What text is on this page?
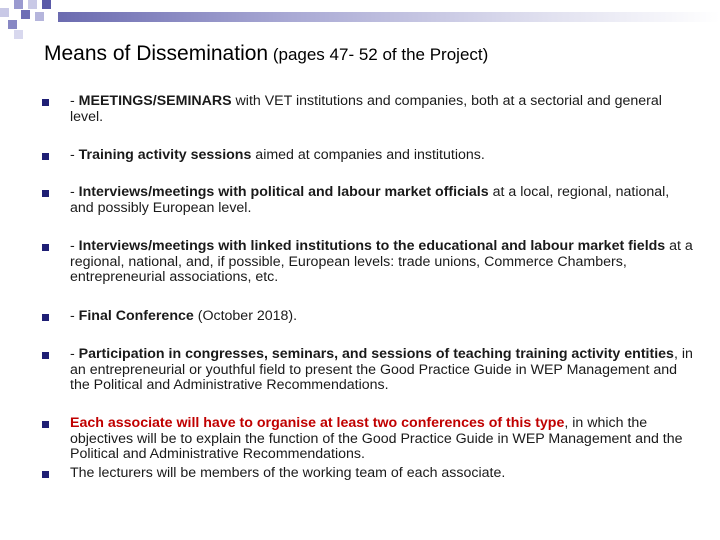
Means of Dissemination (pages 47- 52 of the Project)
- MEETINGS/SEMINARS with VET institutions and companies, both at a sectorial and general level.
- Training activity sessions aimed at companies and institutions.
- Interviews/meetings with political and labour market officials at a local, regional, national, and possibly European level.
- Interviews/meetings with linked institutions to the educational and labour market fields at a regional, national, and, if possible, European levels: trade unions, Commerce Chambers, entrepreneurial associations, etc.
- Final Conference (October 2018).
- Participation in congresses, seminars, and sessions of teaching training activity entities, in an entrepreneurial or youthful field to present the Good Practice Guide in WEP Management and the Political and Administrative Recommendations.
Each associate will have to organise at least two conferences of this type, in which the objectives will be to explain the function of the Good Practice Guide in WEP Management and the Political and Administrative Recommendations.
The lecturers will be members of the working team of each associate.
